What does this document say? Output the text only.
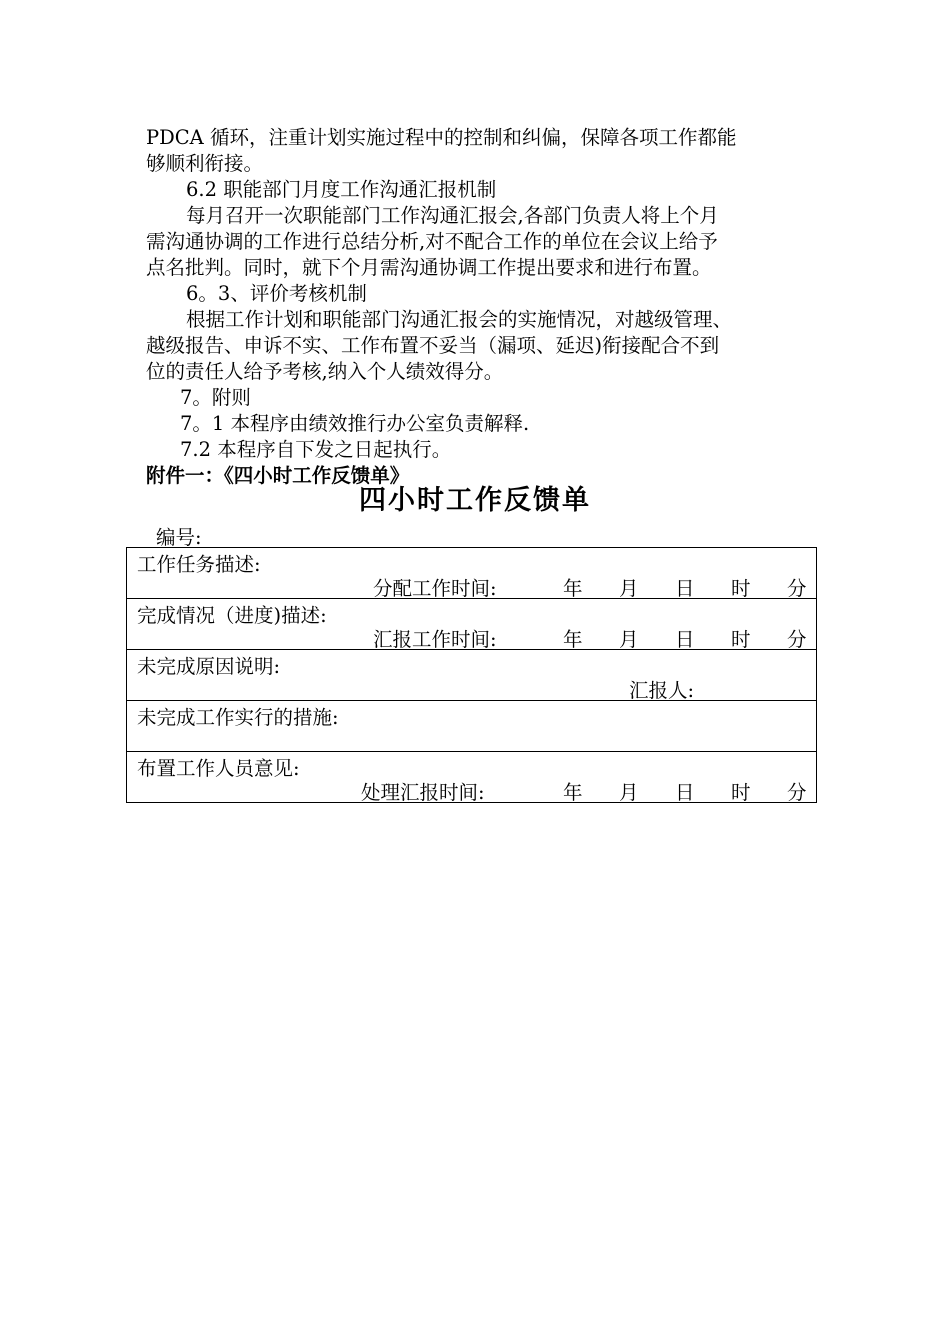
PDCA 循环，注重计划实施过程中的控制和纠偏，保障各项工作都能
够顺利衔接。
6.2 职能部门月度工作沟通汇报机制
每月召开一次职能部门工作沟通汇报会,各部门负责人将上个月
需沟通协调的工作进行总结分析,对不配合工作的单位在会议上给予
点名批判。同时，就下个月需沟通协调工作提出要求和进行布置。
6。3、评价考核机制
根据工作计划和职能部门沟通汇报会的实施情况，对越级管理、
越级报告、申诉不实、工作布置不妥当（漏项、延迟)衔接配合不到
位的责任人给予考核,纳入个人绩效得分。
7。附则
7。1 本程序由绩效推行办公室负责解释.
7.2 本程序自下发之日起执行。
附件一：《四小时工作反馈单》
四小时工作反馈单
编号:
工作任务描述:
分配工作时间:	年 月 日 时 分
完成情况（进度)描述:
汇报工作时间:	年 月 日 时 分
未完成原因说明:
汇报人:
未完成工作实行的措施:
布置工作人员意见:
处理汇报时间:	年 月 日 时 分
